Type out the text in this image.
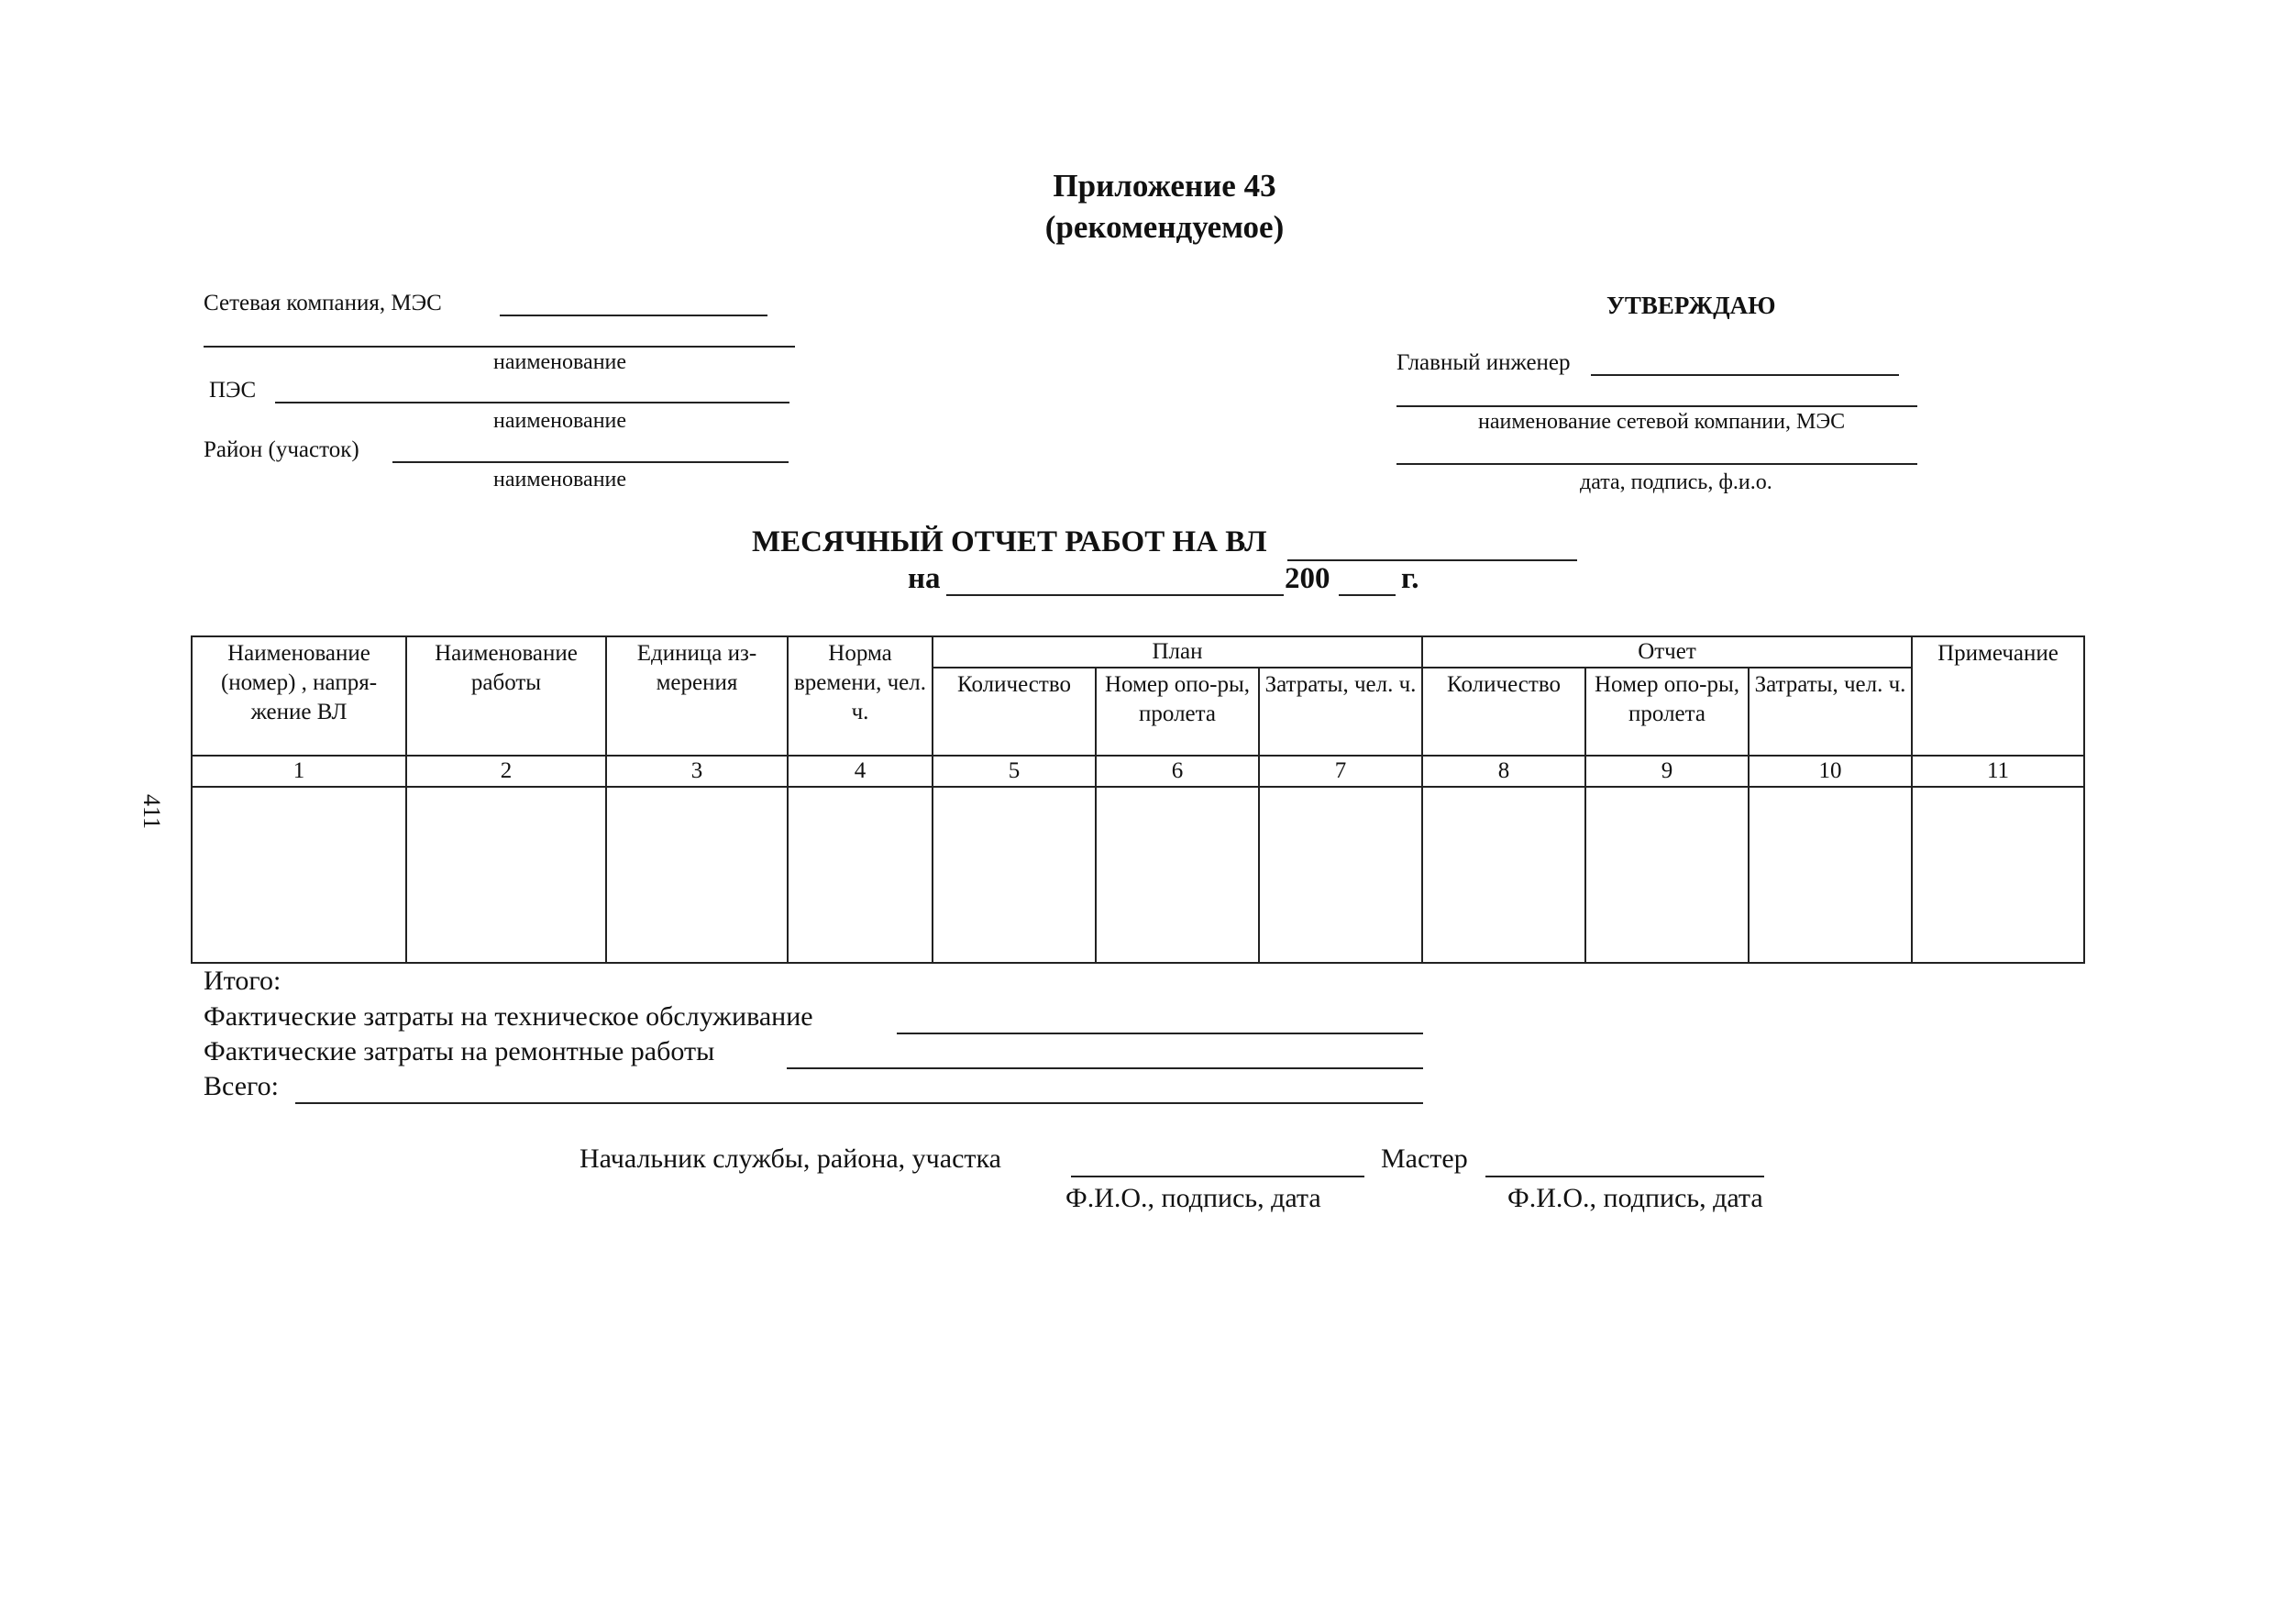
Приложение 43
(рекомендуемое)
Сетевая компания, МЭС
наименование
ПЭС
наименование
Район (участок)
наименование
УТВЕРЖДАЮ
Главный инженер
наименование сетевой компании, МЭС
дата, подпись, ф.и.о.
МЕСЯЧНЫЙ ОТЧЕТ РАБОТ НА ВЛ
на	200 г.
411
Наименование (номер) , напря-жение ВЛ	Наименование работы	Единица из-мерения	Норма времени, чел. ч.	План			Отчет			Примечание
				Количество	Номер опо-ры, пролета	Затраты, чел. ч.	Количество	Номер опо-ры, пролета	Затраты, чел. ч.	
1	2	3	4	5	6	7	8	9	10	11

Итого:
Фактические затраты на техническое обслуживание
Фактические затраты на ремонтные работы
Всего:
Начальник службы, района, участка
Ф.И.О., подпись, дата
Мастер
Ф.И.О., подпись, дата
